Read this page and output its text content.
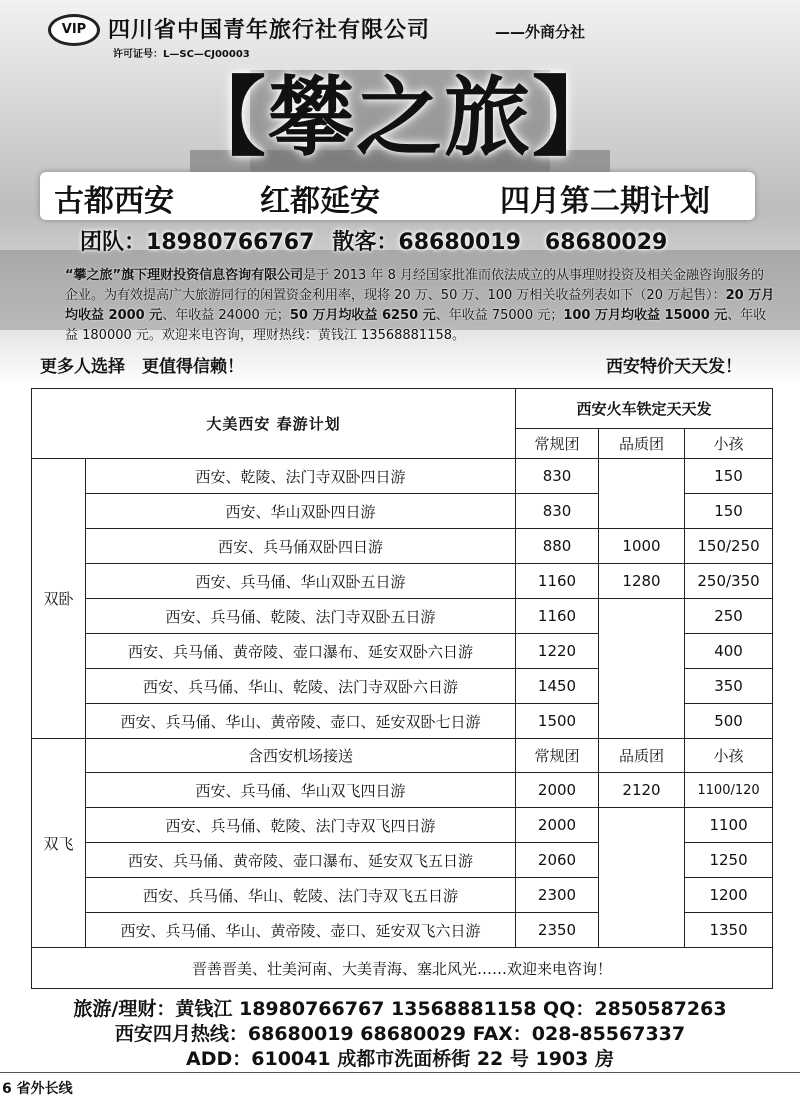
VIP 四川省中国青年旅行社有限公司	——外商分社
许可证号：L—SC—CJ00003
【攀之旅】
古都西安	红都延安	四月第二期计划
团队：18980766767 散客：68680019 68680029
“攀之旅”旗下理财投资信息咨询有限公司是于 2013 年 8 月经国家批准而依法成立的从事理财投资及相关金融咨询服务的企业。为有效提高广大旅游同行的闲置资金利用率，现将 20 万、50 万、100 万相关收益列表如下（20 万起售）：20 万月均收益 2000 元、年收益 24000 元；50 万月均收益 6250 元、年收益 75000 元；100 万月均收益 15000 元、年收益 180000 元。欢迎来电咨询，理财热线：黄钱江 13568881158。
更多人选择　更值得信赖！	西安特价天天发！
大美西安 春游计划		西安火车铁定天天发		
		常规团	品质团	小孩
双卧	西安、乾陵、法门寺双卧四日游	830		150
	西安、华山双卧四日游	830		150
	西安、兵马俑双卧四日游	880	1000	150/250
	西安、兵马俑、华山双卧五日游	1160	1280	250/350
	西安、兵马俑、乾陵、法门寺双卧五日游	1160		250
	西安、兵马俑、黄帝陵、壶口瀑布、延安双卧六日游	1220		400
	西安、兵马俑、华山、乾陵、法门寺双卧六日游	1450		350
	西安、兵马俑、华山、黄帝陵、壶口、延安双卧七日游	1500		500
双飞	含西安机场接送	常规团	品质团	小孩
	西安、兵马俑、华山双飞四日游	2000	2120	1100/120
	西安、兵马俑、乾陵、法门寺双飞四日游	2000		1100
	西安、兵马俑、黄帝陵、壶口瀑布、延安双飞五日游	2060		1250
	西安、兵马俑、华山、乾陵、法门寺双飞五日游	2300		1200
	西安、兵马俑、华山、黄帝陵、壶口、延安双飞六日游	2350		1350
晋善晋美、壮美河南、大美青海、塞北风光……欢迎来电咨询！				
旅游/理财：黄钱江 18980766767 13568881158 QQ：2850587263
西安四月热线：68680019 68680029 FAX：028-85567337
ADD：610041 成都市洗面桥街 22 号 1903 房
6 省外长线
